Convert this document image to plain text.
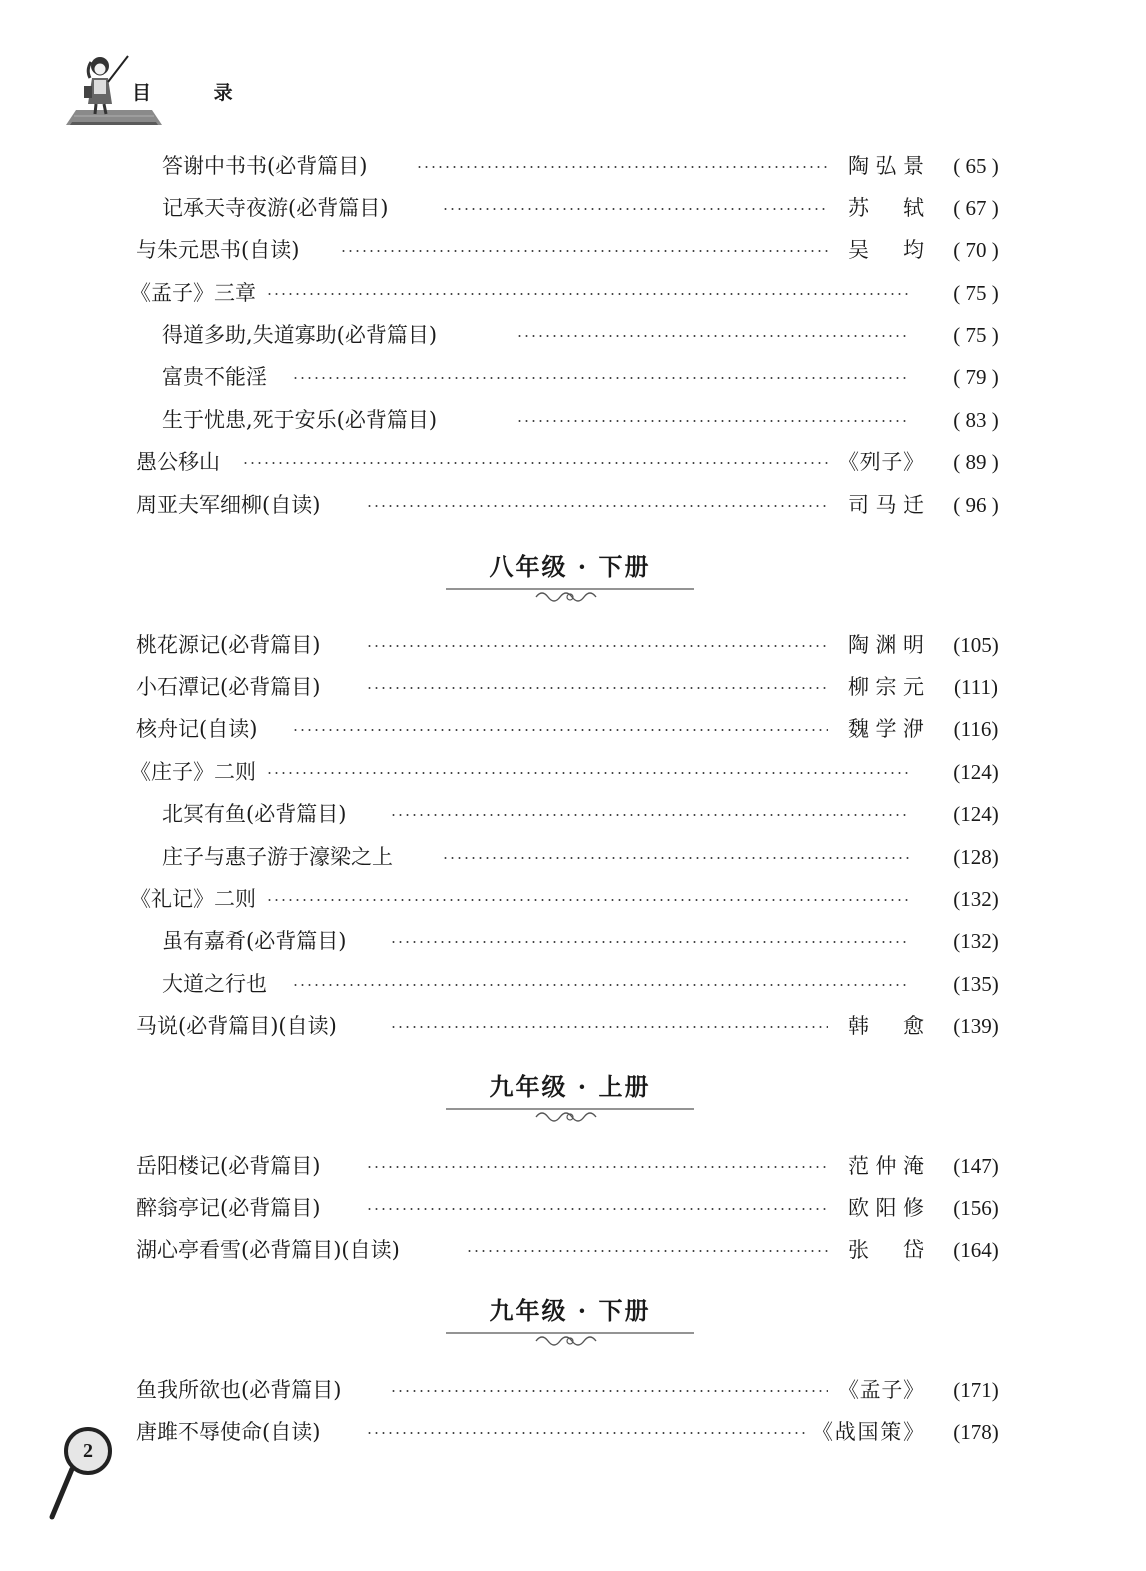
目 录
答谢中书书(必背篇目)	陶弘景	( 65 )
记承天寺夜游(必背篇目)	苏　轼	( 67 )
与朱元思书(自读)	吴　均	( 70 )
《孟子》三章	( 75 )
得道多助,失道寡助(必背篇目)	( 75 )
富贵不能淫	( 79 )
生于忧患,死于安乐(必背篇目)	( 83 )
愚公移山	《列子》	( 89 )
周亚夫军细柳(自读)	司马迁	( 96 )
八年级 · 下册
桃花源记(必背篇目)	陶渊明	(105)
小石潭记(必背篇目)	柳宗元	(111)
核舟记(自读)	魏学洢	(116)
《庄子》二则	(124)
北冥有鱼(必背篇目)	(124)
庄子与惠子游于濠梁之上	(128)
《礼记》二则	(132)
虽有嘉肴(必背篇目)	(132)
大道之行也	(135)
马说(必背篇目)(自读)	韩　愈	(139)
九年级 · 上册
岳阳楼记(必背篇目)	范仲淹	(147)
醉翁亭记(必背篇目)	欧阳修	(156)
湖心亭看雪(必背篇目)(自读)	张　岱	(164)
九年级 · 下册
鱼我所欲也(必背篇目)	《孟子》	(171)
唐雎不辱使命(自读)	《战国策》	(178)
2
